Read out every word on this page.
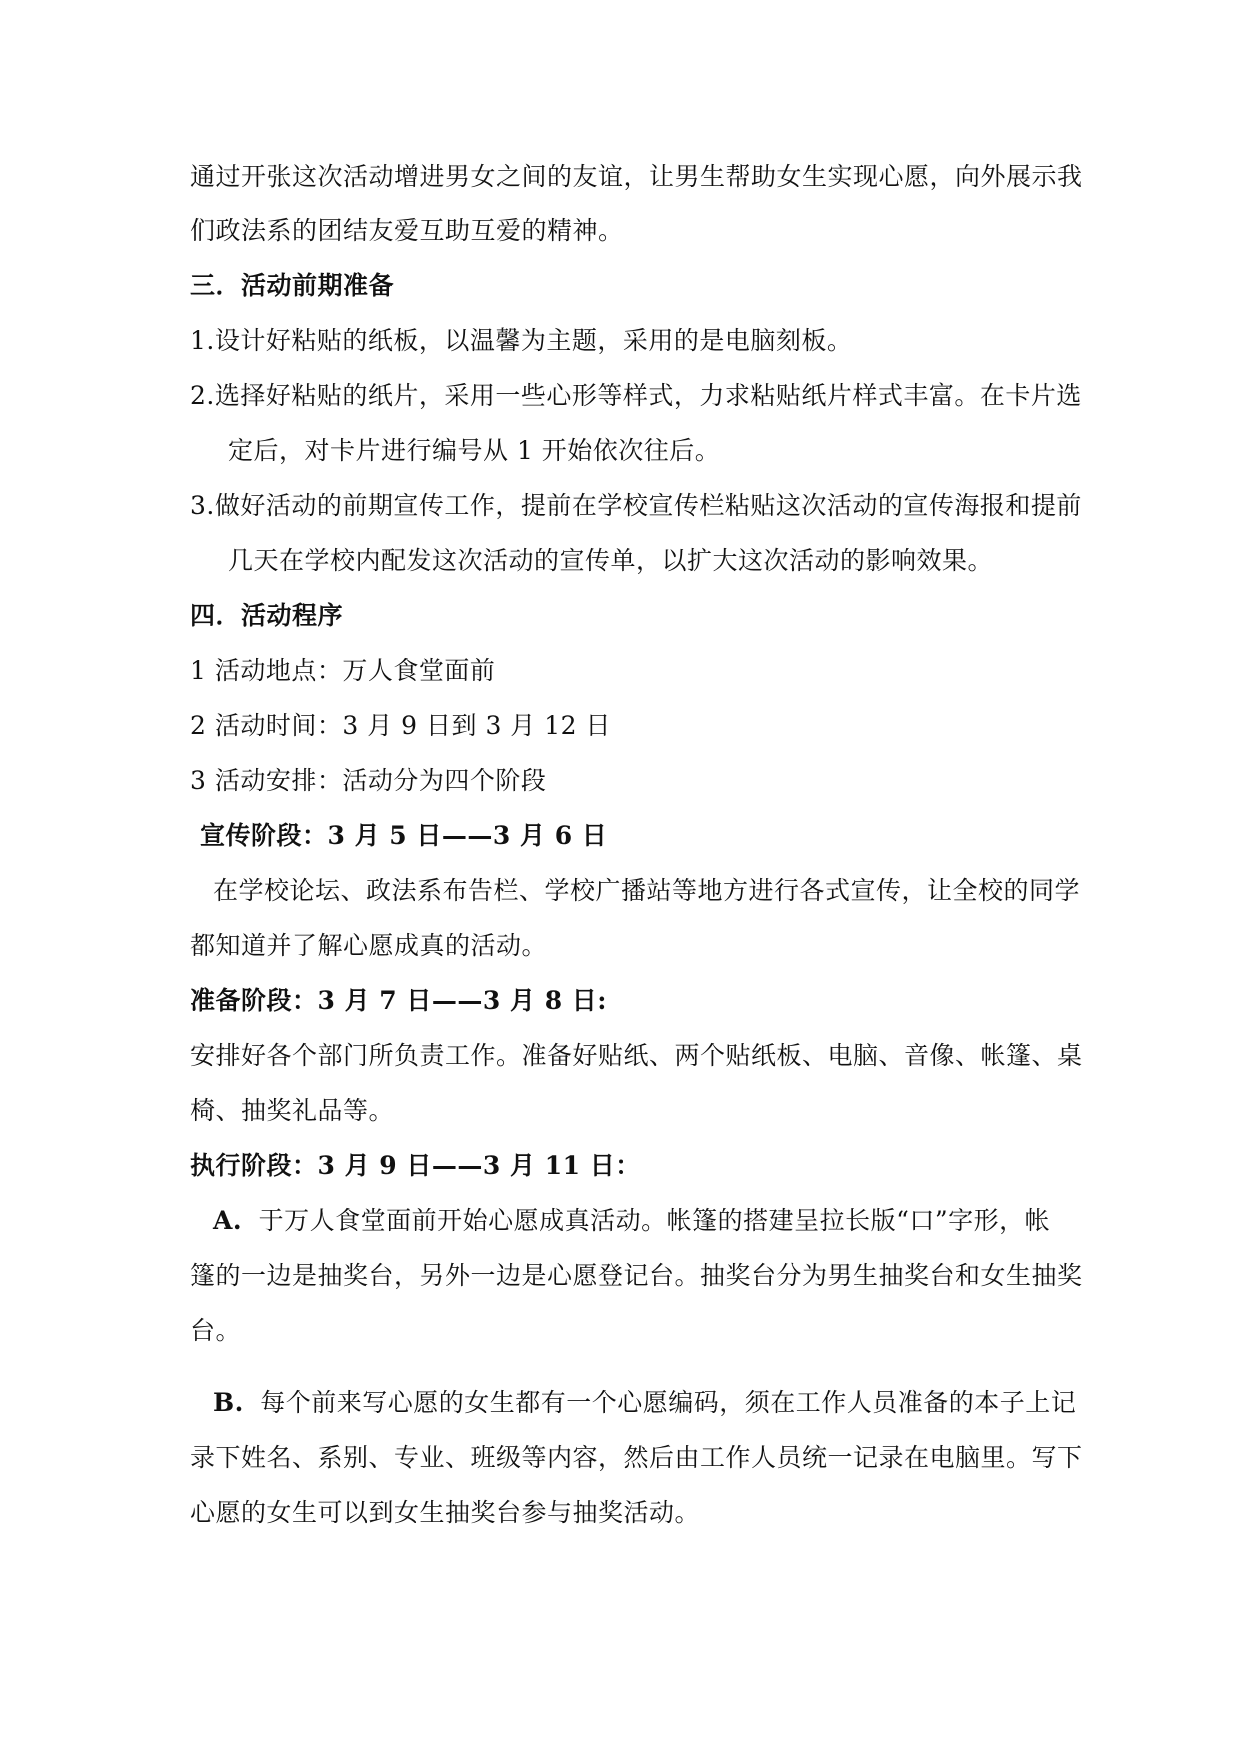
通过开张这次活动增进男女之间的友谊，让男生帮助女生实现心愿，向外展示我
们政法系的团结友爱互助互爱的精神。
三．活动前期准备
1.设计好粘贴的纸板，以温馨为主题，采用的是电脑刻板。
2.选择好粘贴的纸片，采用一些心形等样式，力求粘贴纸片样式丰富。在卡片选
定后，对卡片进行编号从 1 开始依次往后。
3.做好活动的前期宣传工作，提前在学校宣传栏粘贴这次活动的宣传海报和提前
几天在学校内配发这次活动的宣传单，以扩大这次活动的影响效果。
四．活动程序
1 活动地点：万人食堂面前
2 活动时间：3 月 9 日到 3 月 12 日
3 活动安排：活动分为四个阶段
宣传阶段：3 月 5 日——3 月 6 日
在学校论坛、政法系布告栏、学校广播站等地方进行各式宣传，让全校的同学
都知道并了解心愿成真的活动。
准备阶段：3 月 7 日——3 月 8 日:
安排好各个部门所负责工作。准备好贴纸、两个贴纸板、电脑、音像、帐篷、桌
椅、抽奖礼品等。
执行阶段：3 月 9 日——3 月 11 日：
A. 于万人食堂面前开始心愿成真活动。帐篷的搭建呈拉长版“口”字形，帐
篷的一边是抽奖台，另外一边是心愿登记台。抽奖台分为男生抽奖台和女生抽奖
台。
B. 每个前来写心愿的女生都有一个心愿编码，须在工作人员准备的本子上记
录下姓名、系别、专业、班级等内容，然后由工作人员统一记录在电脑里。写下
心愿的女生可以到女生抽奖台参与抽奖活动。
